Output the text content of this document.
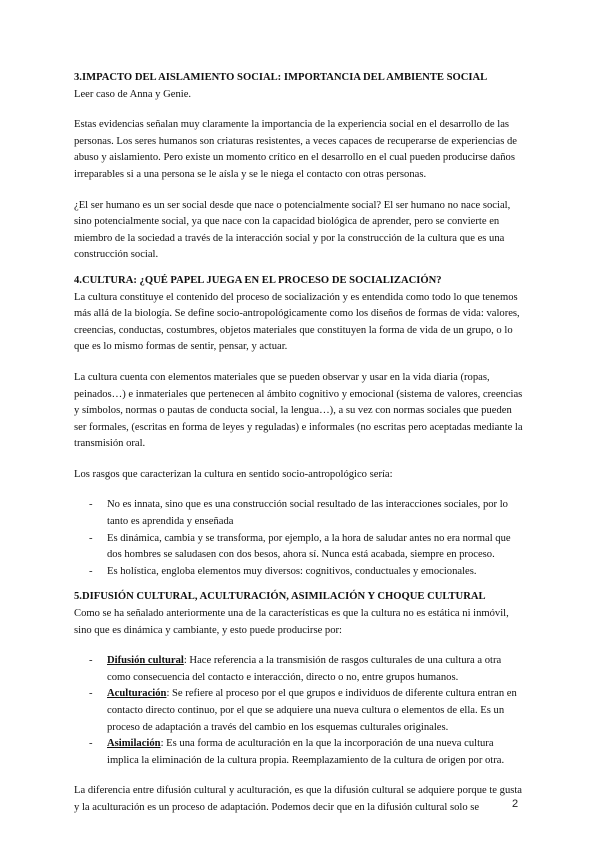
3.IMPACTO DEL AISLAMIENTO SOCIAL: IMPORTANCIA DEL AMBIENTE SOCIAL

Leer caso de Anna y Genie.

Estas evidencias señalan muy claramente la importancia de la experiencia social en el desarrollo de las personas. Los seres humanos son criaturas resistentes, a veces capaces de recuperarse de experiencias de abuso y aislamiento. Pero existe un momento crítico en el desarrollo en el cual pueden producirse daños irreparables si a una persona se le aísla y se le niega el contacto con otras personas.

¿El ser humano es un ser social desde que nace o potencialmente social? El ser humano no nace social, sino potencialmente social, ya que nace con la capacidad biológica de aprender, pero se convierte en miembro de la sociedad a través de la interacción social y por la construcción de la cultura que es una construcción social.

4.CULTURA: ¿QUÉ PAPEL JUEGA EN EL PROCESO DE SOCIALIZACIÓN?

La cultura constituye el contenido del proceso de socialización y es entendida como todo lo que tenemos más allá de la biología. Se define socio-antropológicamente como los diseños de formas de vida: valores, creencias, conductas, costumbres, objetos materiales que constituyen la forma de vida de un grupo, o lo que es lo mismo formas de sentir, pensar, y actuar.

La cultura cuenta con elementos materiales que se pueden observar y usar en la vida diaria (ropas, peinados…) e inmateriales que pertenecen al ámbito cognitivo y emocional (sistema de valores, creencias y símbolos, normas o pautas de conducta social, la lengua…), a su vez con normas sociales que pueden ser formales, (escritas en forma de leyes y reguladas) e informales (no escritas pero aceptadas mediante la transmisión oral.

Los rasgos que caracterizan la cultura en sentido socio-antropológico sería:

- No es innata, sino que es una construcción social resultado de las interacciones sociales, por lo tanto es aprendida y enseñada
- Es dinámica, cambia y se transforma, por ejemplo, a la hora de saludar antes no era normal que dos hombres se saludasen con dos besos, ahora sí. Nunca está acabada, siempre en proceso.
- Es holística, engloba elementos muy diversos: cognitivos, conductuales y emocionales.

5.DIFUSIÓN CULTURAL, ACULTURACIÓN, ASIMILACIÓN Y CHOQUE CULTURAL

Como se ha señalado anteriormente una de la características es que la cultura no es estática ni inmóvil, sino que es dinámica y cambiante, y esto puede producirse por:

- Difusión cultural: Hace referencia a la transmisión de rasgos culturales de una cultura a otra como consecuencia del contacto e interacción, directo o no, entre grupos humanos.
- Aculturación: Se refiere al proceso por el que grupos e individuos de diferente cultura entran en contacto directo continuo, por el que se adquiere una nueva cultura o elementos de ella. Es un proceso de adaptación a través del cambio en los esquemas culturales originales.
- Asimilación: Es una forma de aculturación en la que la incorporación de una nueva cultura implica la eliminación de la cultura propia. Reemplazamiento de la cultura de origen por otra.

La diferencia entre difusión cultural y aculturación, es que la difusión cultural se adquiere porque te gusta y la aculturación es un proceso de adaptación. Podemos decir que en la difusión cultural solo se	2
